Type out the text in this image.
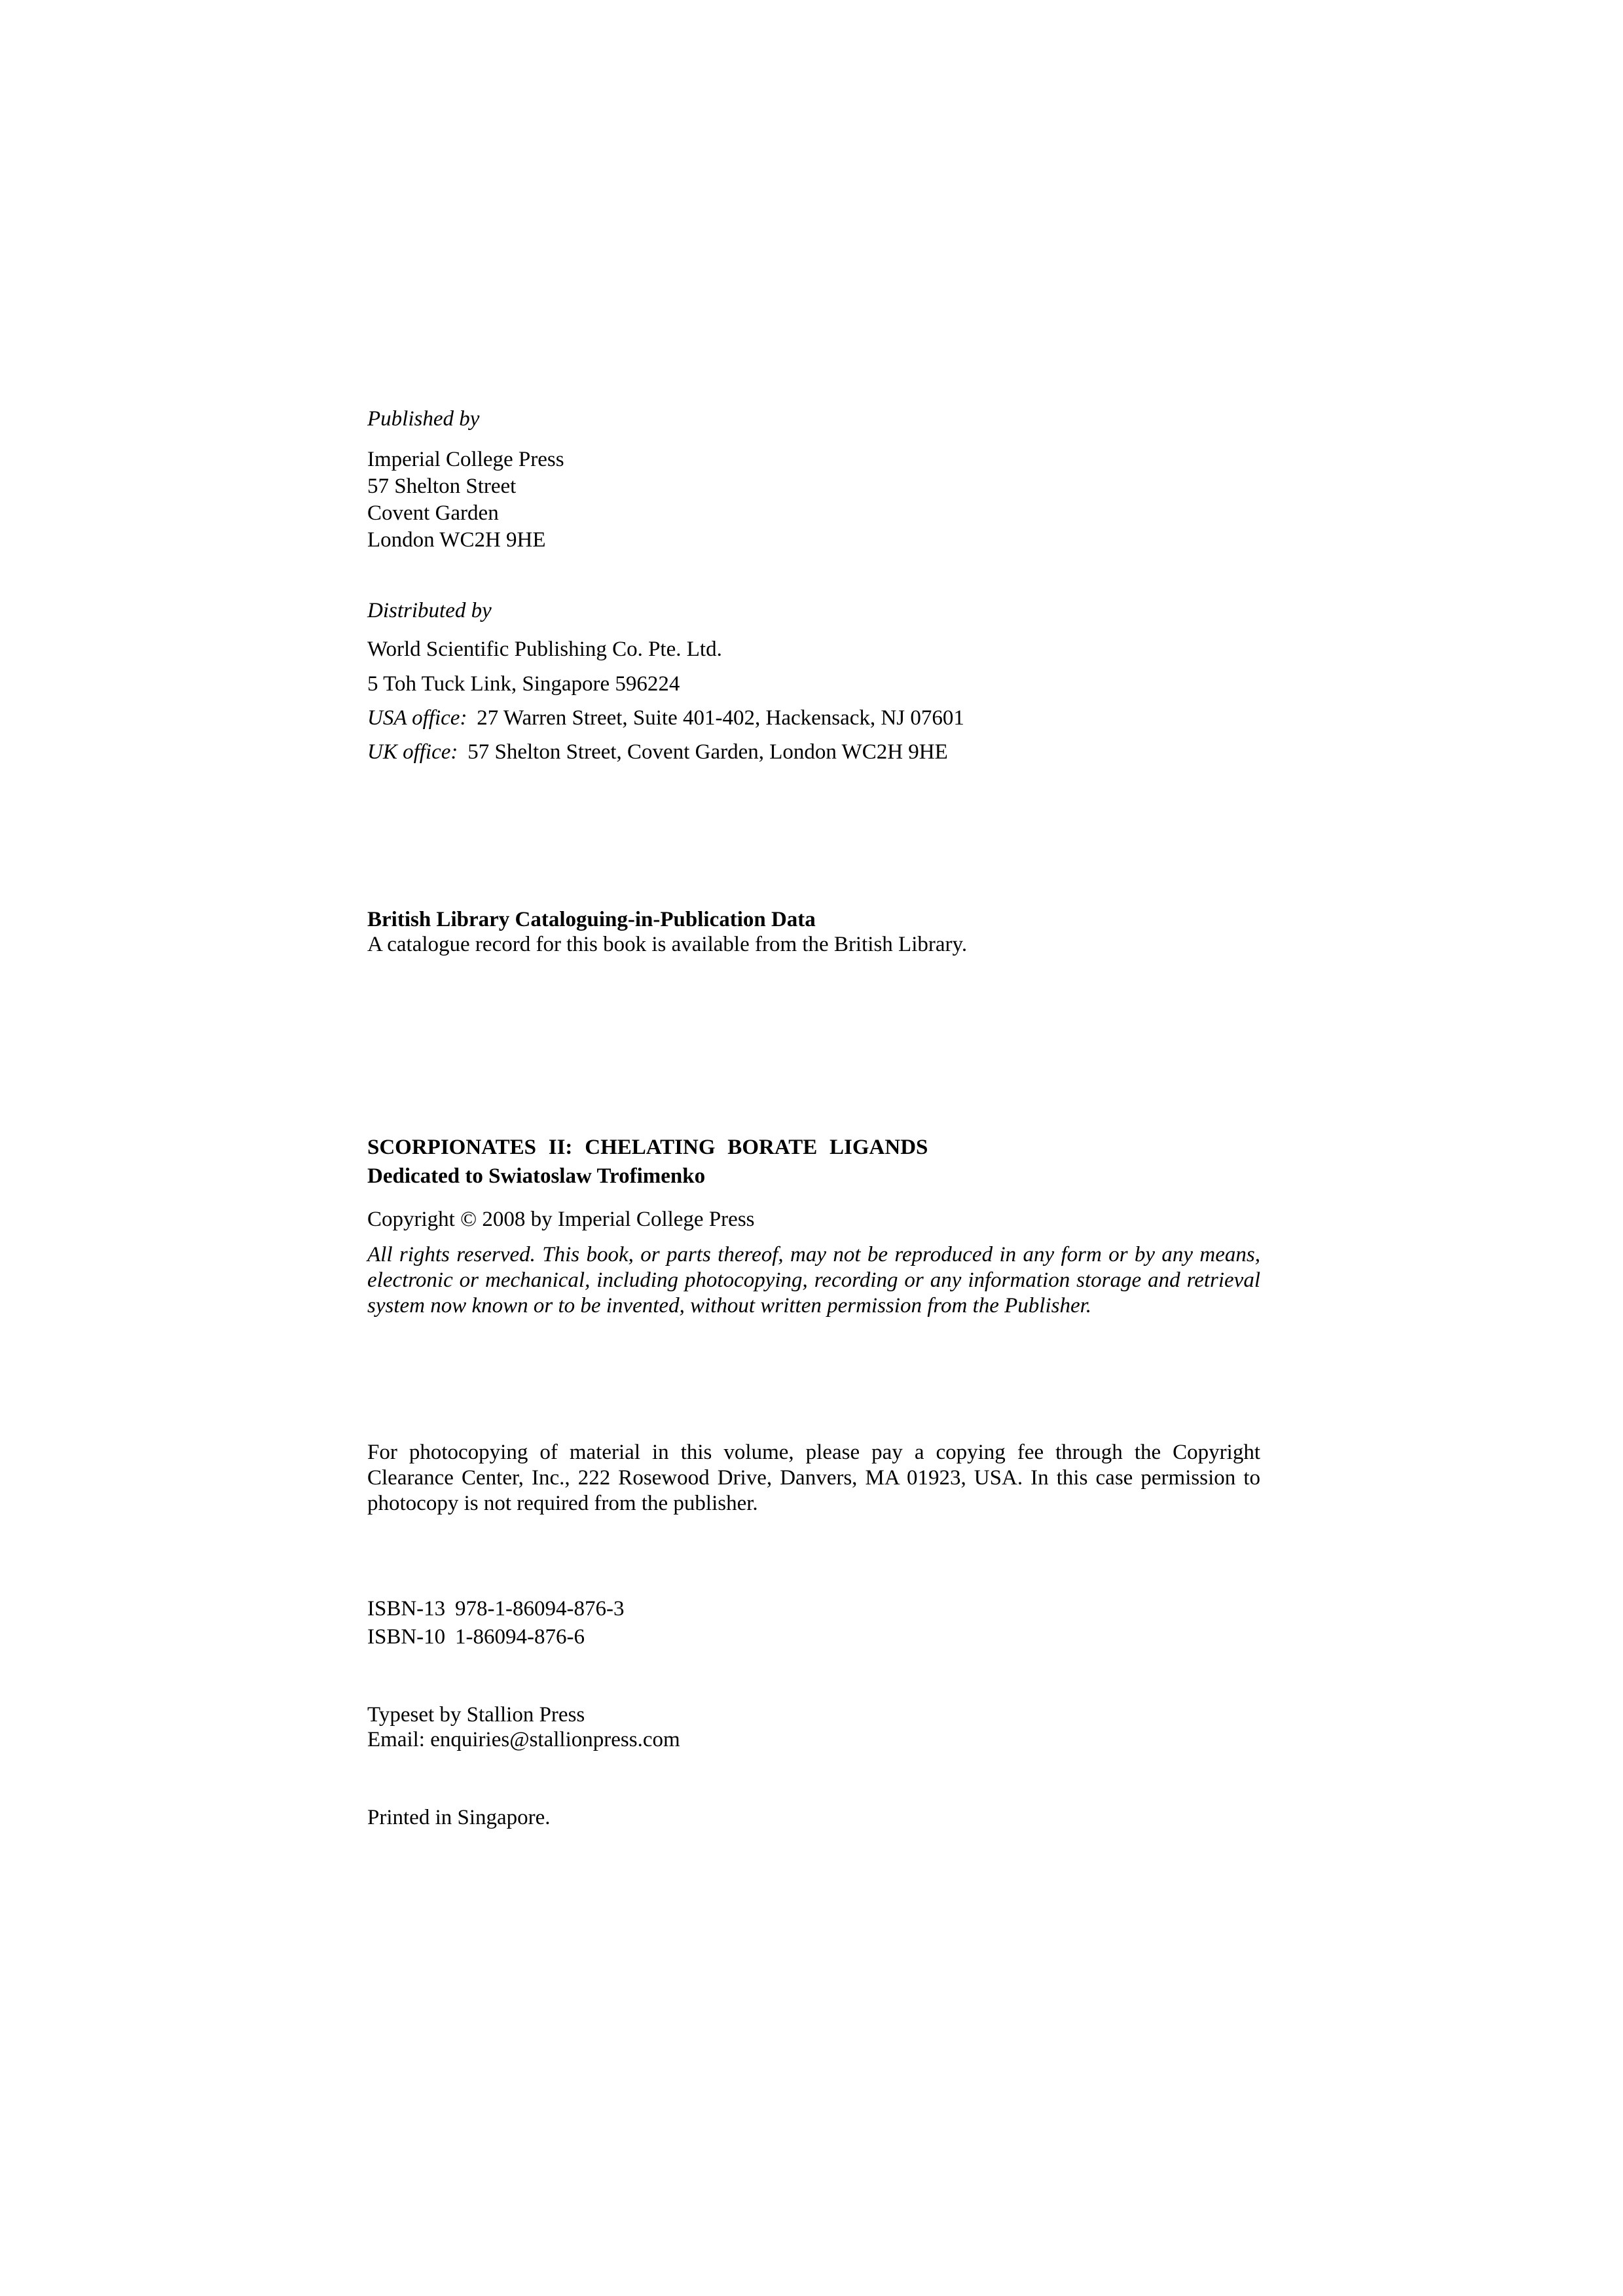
Published by
Imperial College Press
57 Shelton Street
Covent Garden
London WC2H 9HE
Distributed by
World Scientific Publishing Co. Pte. Ltd.
5 Toh Tuck Link, Singapore 596224
USA office: 27 Warren Street, Suite 401-402, Hackensack, NJ 07601
UK office: 57 Shelton Street, Covent Garden, London WC2H 9HE
British Library Cataloguing-in-Publication Data
A catalogue record for this book is available from the British Library.
SCORPIONATES II: CHELATING BORATE LIGANDS
Dedicated to Swiatoslaw Trofimenko
Copyright © 2008 by Imperial College Press
All rights reserved. This book, or parts thereof, may not be reproduced in any form or by any means, electronic or mechanical, including photocopying, recording or any information storage and retrieval system now known or to be invented, without written permission from the Publisher.
For photocopying of material in this volume, please pay a copying fee through the Copyright Clearance Center, Inc., 222 Rosewood Drive, Danvers, MA 01923, USA. In this case permission to photocopy is not required from the publisher.
ISBN-13 978-1-86094-876-3
ISBN-10 1-86094-876-6
Typeset by Stallion Press
Email: enquiries@stallionpress.com
Printed in Singapore.
